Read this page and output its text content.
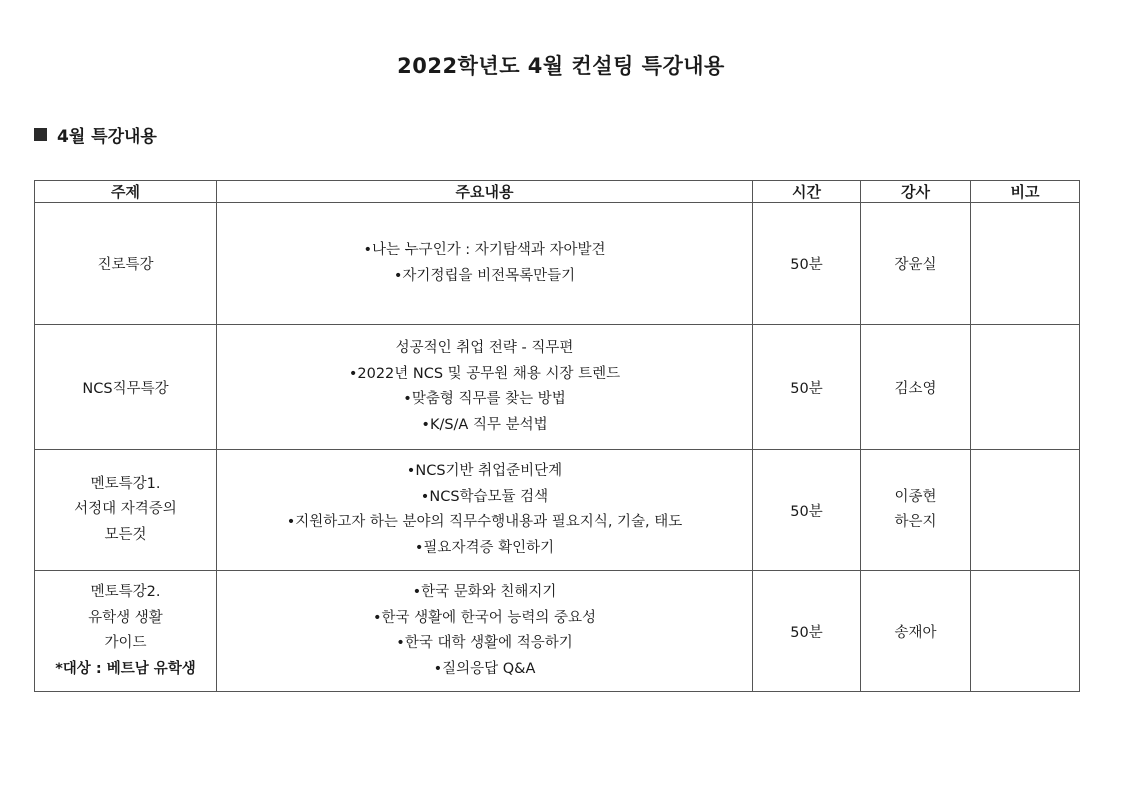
2022학년도 4월 컨설팅 특강내용
4월 특강내용
주제	주요내용	시간	강사	비고

진로특강	•나는 누구인가 : 자기탐색과 자아발견
•자기정립을 비전목록만들기	50분	장윤실	

NCS직무특강	성공적인 취업 전략 - 직무편
•2022년 NCS 및 공무원 채용 시장 트렌드
•맞춤형 직무를 찾는 방법
•K/S/A 직무 분석법	50분	김소영	

멘토특강1.
서정대 자격증의
모든것	•NCS기반 취업준비단계
•NCS학습모듈 검색
•지원하고자 하는 분야의 직무수행내용과 필요지식, 기술, 태도
•필요자격증 확인하기	50분	이종현
하은지	

멘토특강2.
유학생 생활
가이드
*대상 : 베트남 유학생	•한국 문화와 친해지기
•한국 생활에 한국어 능력의 중요성
•한국 대학 생활에 적응하기
•질의응답 Q&A	50분	송재아	
